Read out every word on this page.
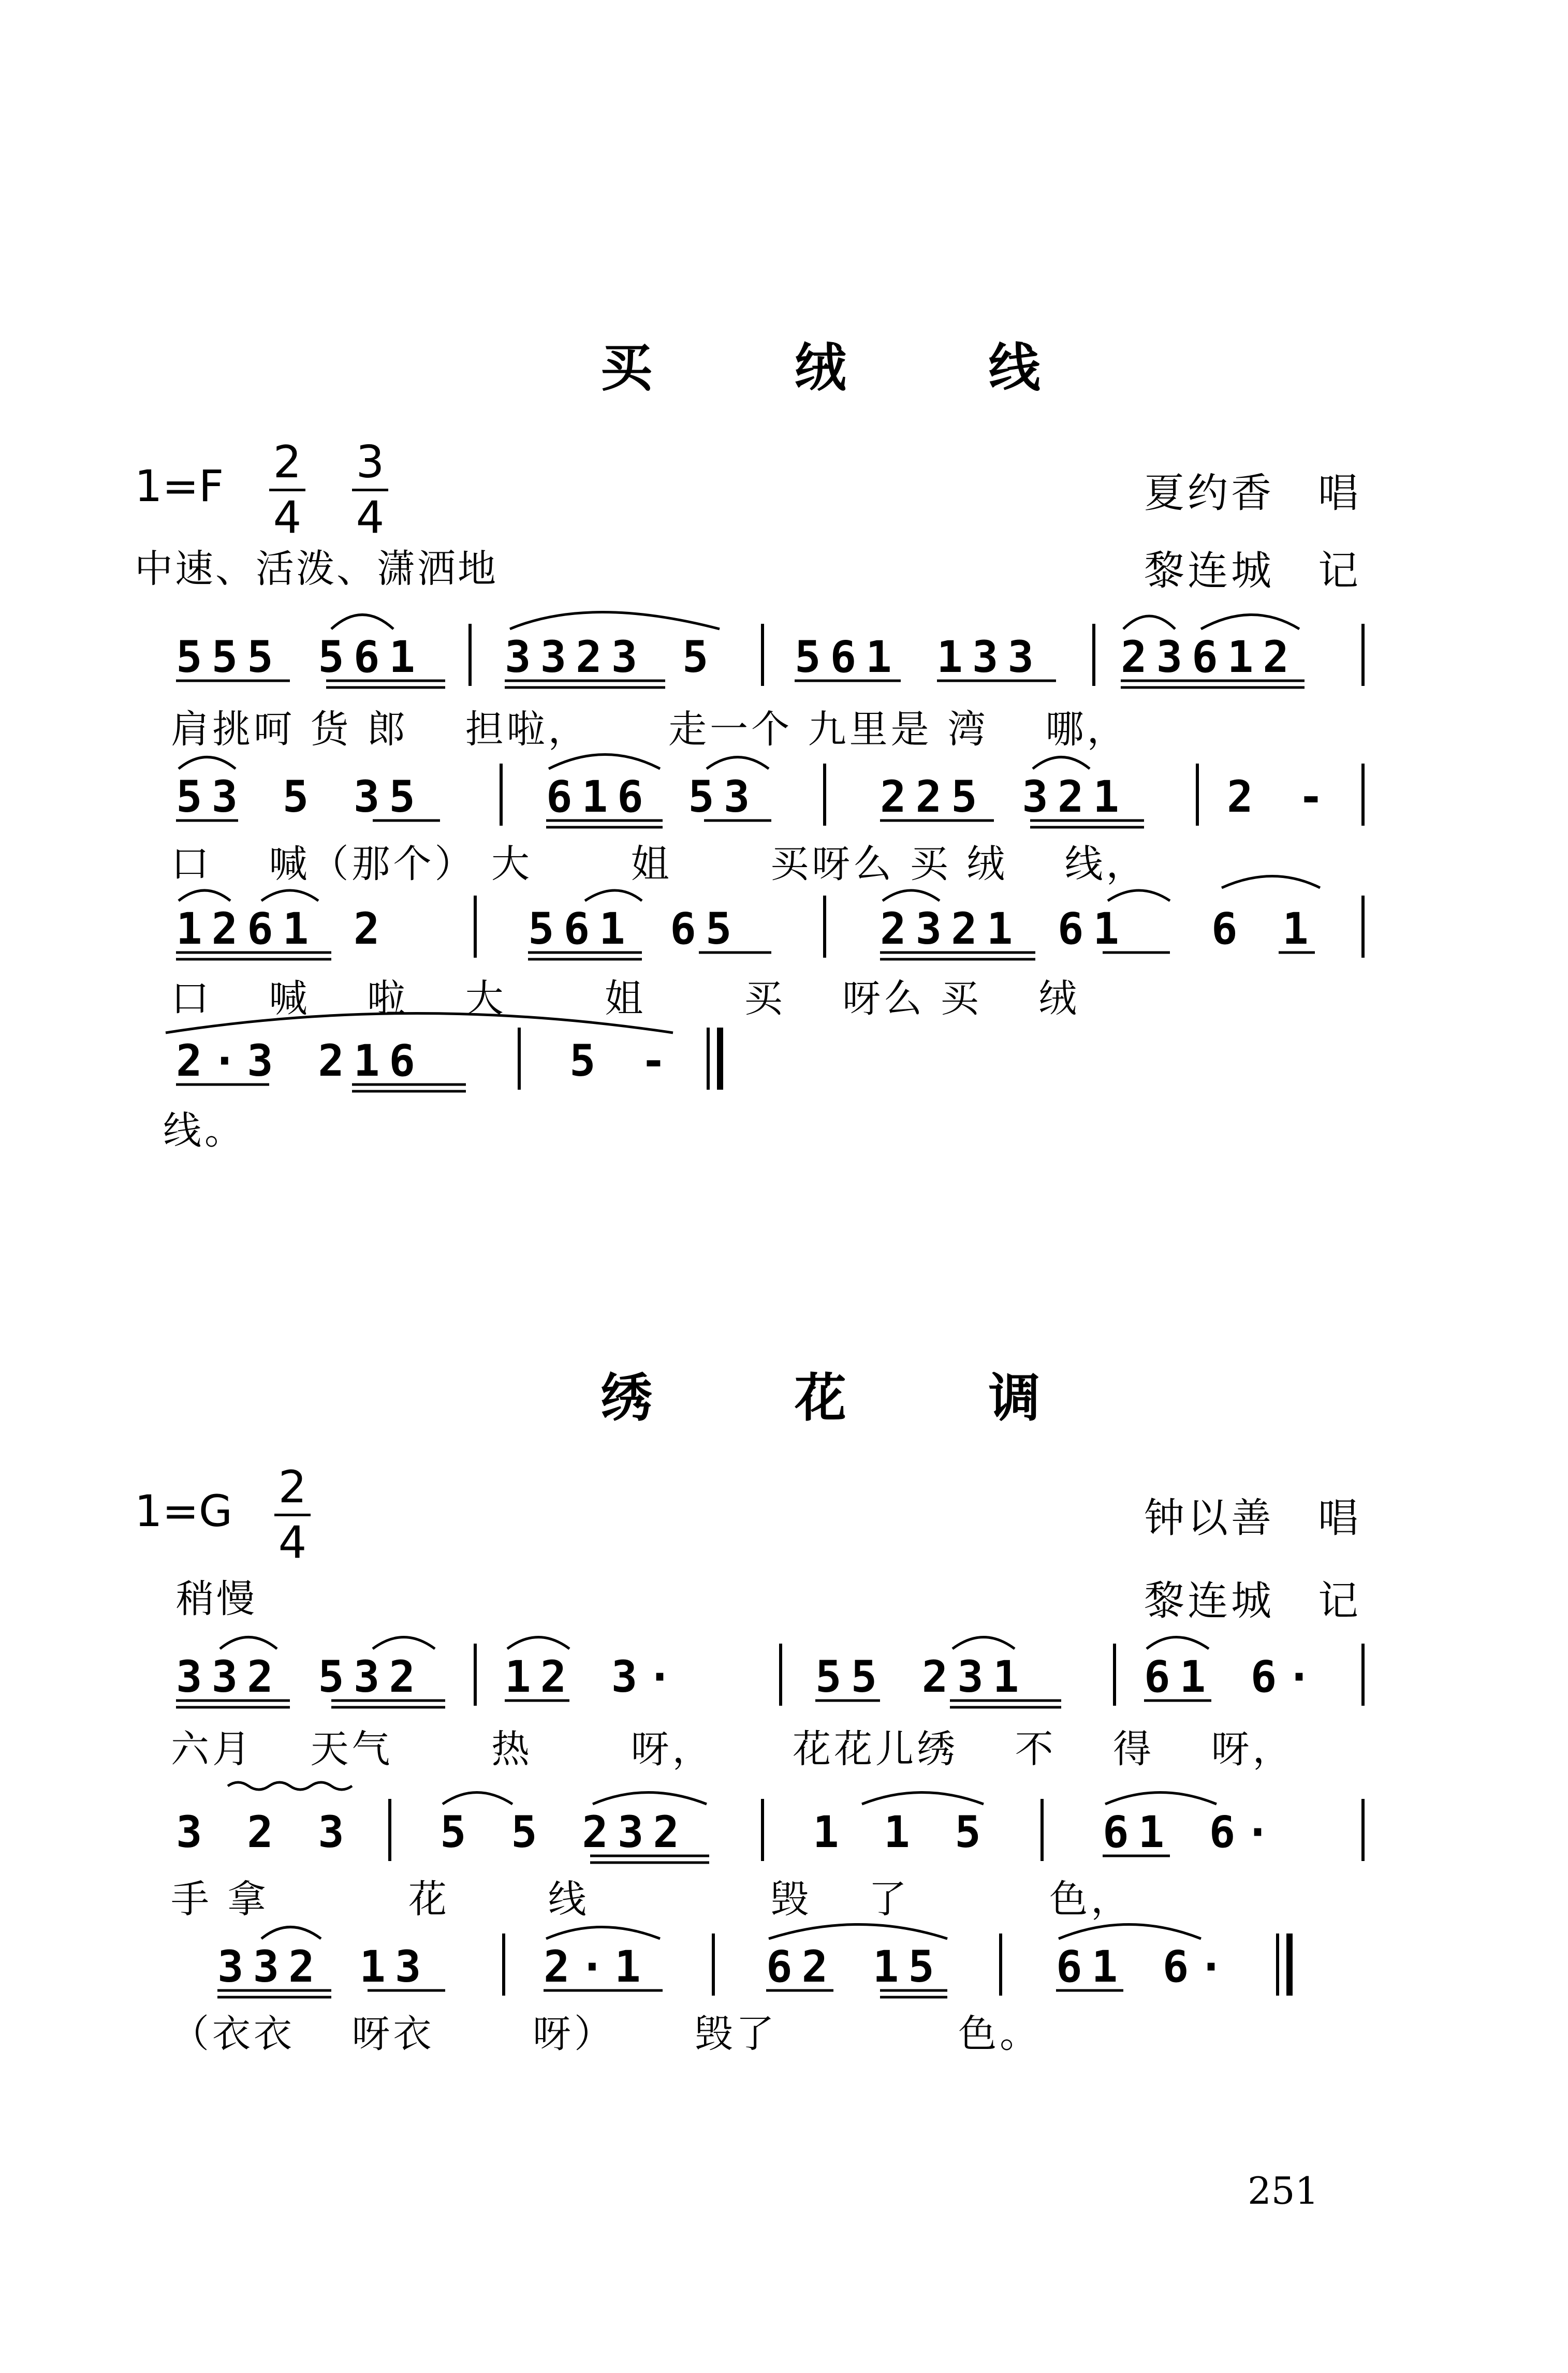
买 绒 线
1=F 2
4
3
4	夏约香　唱
中速、活泼、潇洒地	黎连城　记
555 561 3323 5 561 133 23612
肩挑呵 货 郎　 担啦，　　 走一个 九里是 湾　 哪，
53 5 35	616 53	225 321 2 -
口　 喊（那个） 大　　 姐　　 买呀么 买 绒　 线，
1261 2	561 65	2321 61 6 1
口　 喊　 啦　 大　　 姐　　 买　 呀么 买　 绒
2·3 216	5 -
线。
绣 花 调
1=G 2
4	钟以善　唱
稍慢	黎连城　记
332 532 12 3·	55 231	61 6·
六月　 天气　　 热　　 呀，　　 花花儿绣　 不　 得　 呀，
3 2 3 5 5 232	1 1 5	61 6·
手 拿　　　 花　　 线　　　　 毁　 了　　　 色，
332 13	2·1	62 15	61 6·
（衣衣　 呀衣　　 呀）　　 毁了　　　　 色。
251
